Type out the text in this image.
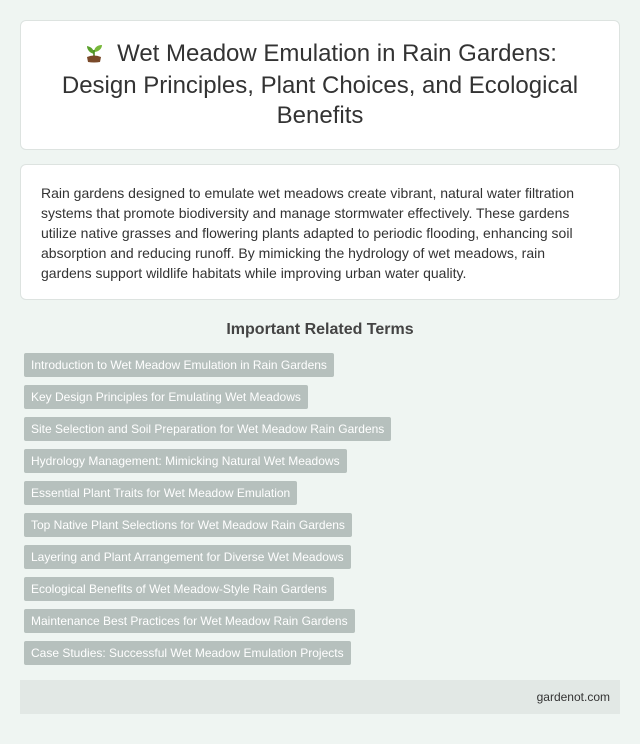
Wet Meadow Emulation in Rain Gardens: Design Principles, Plant Choices, and Ecological Benefits

Rain gardens designed to emulate wet meadows create vibrant, natural water filtration systems that promote biodiversity and manage stormwater effectively. These gardens utilize native grasses and flowering plants adapted to periodic flooding, enhancing soil absorption and reducing runoff. By mimicking the hydrology of wet meadows, rain gardens support wildlife habitats while improving urban water quality.

Important Related Terms
Introduction to Wet Meadow Emulation in Rain Gardens
Key Design Principles for Emulating Wet Meadows
Site Selection and Soil Preparation for Wet Meadow Rain Gardens
Hydrology Management: Mimicking Natural Wet Meadows
Essential Plant Traits for Wet Meadow Emulation
Top Native Plant Selections for Wet Meadow Rain Gardens
Layering and Plant Arrangement for Diverse Wet Meadows
Ecological Benefits of Wet Meadow-Style Rain Gardens
Maintenance Best Practices for Wet Meadow Rain Gardens
Case Studies: Successful Wet Meadow Emulation Projects
gardenot.com
